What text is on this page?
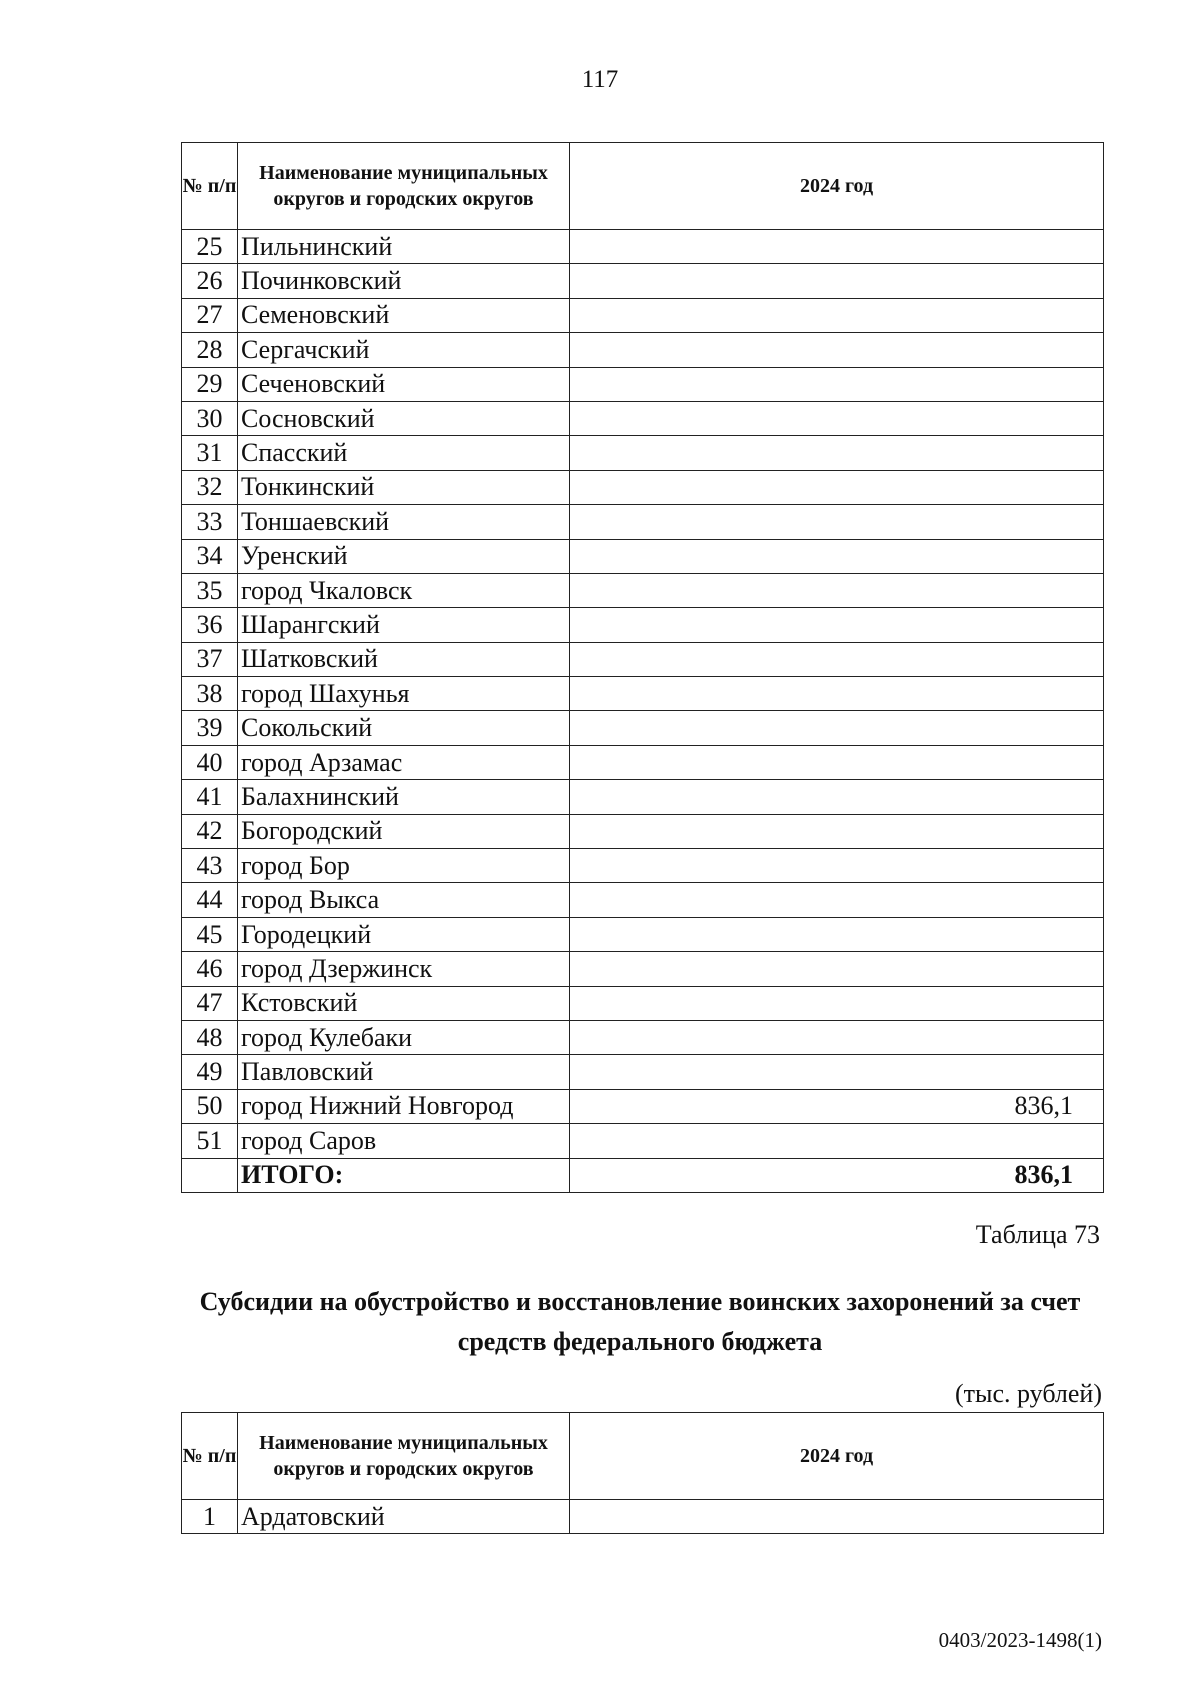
117
№ п/п	Наименование муниципальных округов и городских округов	2024 год
25	Пильнинский	
26	Починковский	
27	Семеновский	
28	Сергачский	
29	Сеченовский	
30	Сосновский	
31	Спасский	
32	Тонкинский	
33	Тоншаевский	
34	Уренский	
35	город Чкаловск	
36	Шарангский	
37	Шатковский	
38	город Шахунья	
39	Сокольский	
40	город Арзамас	
41	Балахнинский	
42	Богородский	
43	город Бор	
44	город Выкса	
45	Городецкий	
46	город Дзержинск	
47	Кстовский	
48	город Кулебаки	
49	Павловский	
50	город Нижний Новгород	836,1
51	город Саров	
	ИТОГО:	836,1
Таблица 73
Субсидии на обустройство и восстановление воинских захоронений за счет средств федерального бюджета
(тыс. рублей)
№ п/п	Наименование муниципальных округов и городских округов	2024 год
1	Ардатовский	
0403/2023-1498(1)
